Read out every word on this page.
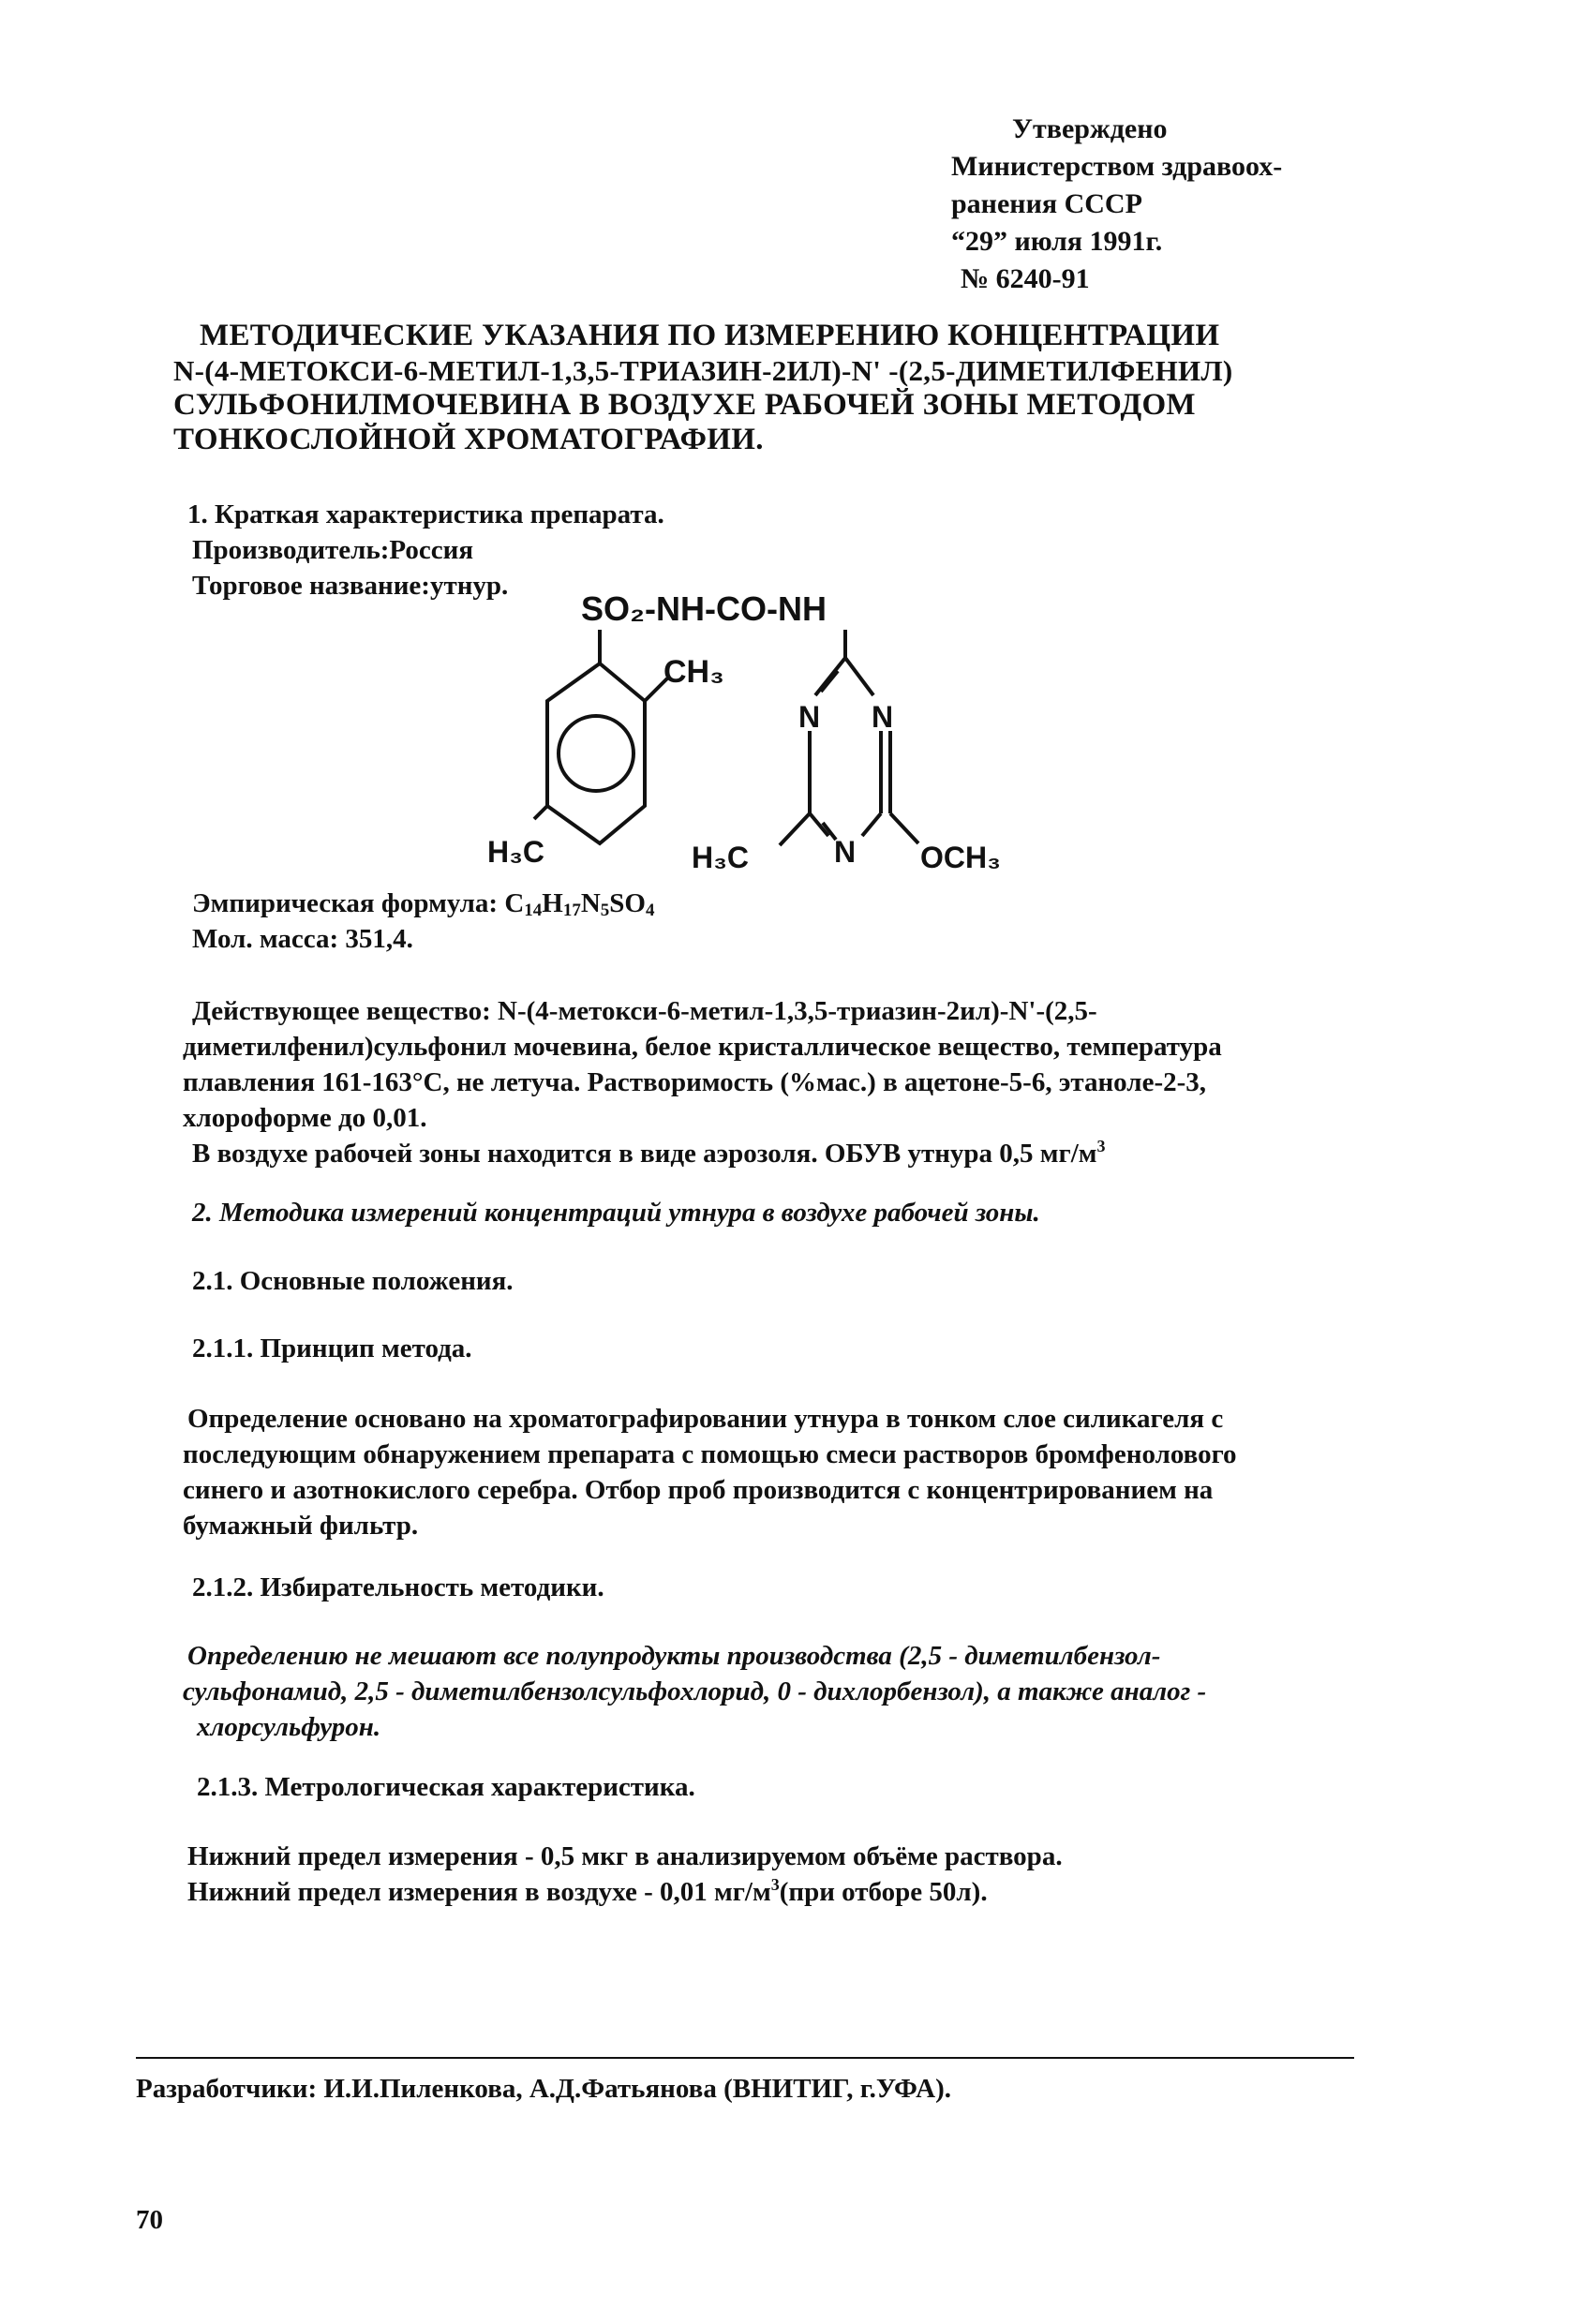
Утверждено
Министерством здравоох-
ранения СССР
“29” июля 1991г.
№ 6240-91
МЕТОДИЧЕСКИЕ УКАЗАНИЯ ПО ИЗМЕРЕНИЮ КОНЦЕНТРАЦИИ
N-(4-МЕТОКСИ-6-МЕТИЛ-1,3,5-ТРИАЗИН-2ИЛ)-N' -(2,5-ДИМЕТИЛФЕНИЛ)
СУЛЬФОНИЛМОЧЕВИНА В ВОЗДУХЕ РАБОЧЕЙ ЗОНЫ МЕТОДОМ
ТОНКОСЛОЙНОЙ ХРОМАТОГРАФИИ.
1. Краткая характеристика препарата.
Производитель:Россия
Торговое название:утнур.
SO₂-NH-CO-NH
CH₃
H₃C
N N
N
H₃C	OCH₃
Эмпирическая формула: $C_{14}H_{17}N_5SO_4$
Мол. масса: 351,4.
Действующее вещество: N-(4-метокси-6-метил-1,3,5-триазин-2ил)-N'-(2,5-
диметилфенил)сульфонил мочевина, белое кристаллическое вещество, температура
плавления 161-163°С, не летуча. Растворимость (%мас.) в ацетоне-5-6, этаноле-2-3,
хлороформе до 0,01.
В воздухе рабочей зоны находится в виде аэрозоля. ОБУВ утнура 0,5 $мг/м^3$
2. Методика измерений концентраций утнура в воздухе рабочей зоны.
2.1. Основные положения.
2.1.1. Принцип метода.
Определение основано на хроматографировании утнура в тонком слое силикагеля с
последующим обнаружением препарата с помощью смеси растворов бромфенолового
синего и азотнокислого серебра. Отбор проб производится с концентрированием на
бумажный фильтр.
2.1.2. Избирательность методики.
Определению не мешают все полупродукты производства (2,5 - диметилбензол-
сульфонамид, 2,5 - диметилбензолсульфохлорид, 0 - дихлорбензол), а также аналог -
хлорсульфурон.
2.1.3. Метрологическая характеристика.
Нижний предел измерения - 0,5 мкг в анализируемом объёме раствора.
Нижний предел измерения в воздухе - 0,01 $мг/м^3(при$ отборе 50л).
Разработчики: И.И.Пиленкова, А.Д.Фатьянова (ВНИТИГ, г.УФА).
70
